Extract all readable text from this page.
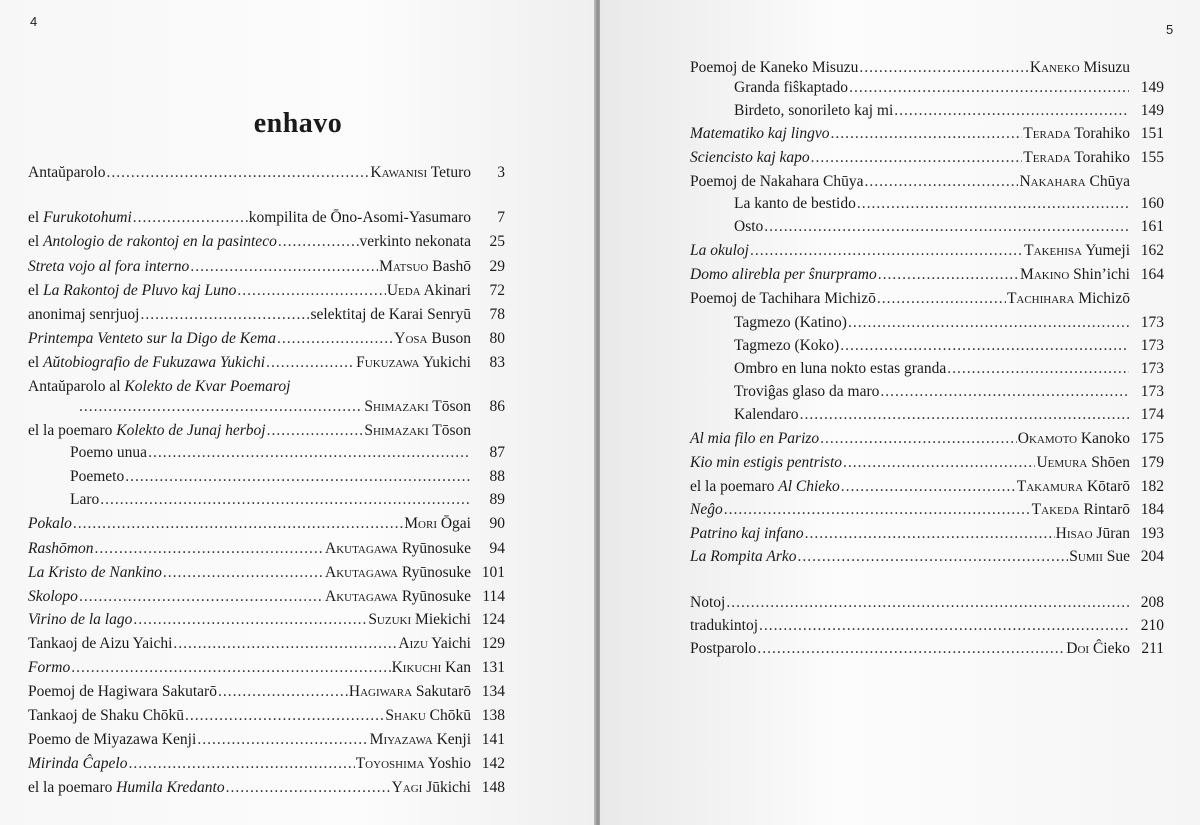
4
enhavo
Antaŭparolo .....	Kawanisi Teturo	3
el Furukotohumi .....	kompilita de Ōno-Asomi-Yasumaro	7
el Antologio de rakontoj en la pasinteco .....	verkinto nekonata	25
Streta vojo al fora interno .....	Matsuo Bashō	29
el La Rakontoj de Pluvo kaj Luno .....	Ueda Akinari	72
anonimaj senrjuoj .....	selektitaj de Karai Senryū	78
Printempa Venteto sur la Digo de Kema .....	Yosa Buson	80
el Aŭtobiografio de Fukuzawa Yukichi .....	Fukuzawa Yukichi	83
Antaŭparolo al Kolekto de Kvar Poemaroj
.....
Shimazaki Tōson	86
el la poemaro Kolekto de Junaj herboj .....	Shimazaki Tōson
Poemo unua .....	87
Poemeto .....	88
Laro .....	89
Pokalo .....	Mori Ōgai	90
Rashōmon .....	Akutagawa Ryūnosuke	94
La Kristo de Nankino .....	Akutagawa Ryūnosuke 101
Skolopo .....	Akutagawa Ryūnosuke 114
Virino de la lago .....	Suzuki Miekichi 124
Tankaoj de Aizu Yaichi .....	Aizu Yaichi 129
Formo .....	Kikuchi Kan 131
Poemoj de Hagiwara Sakutarō .....	Hagiwara Sakutarō 134
Tankaoj de Shaku Chōkū .....	Shaku Chōkū 138
Poemo de Miyazawa Kenji .....	Miyazawa Kenji 141
Mirinda Ĉapelo .....	Toyoshima Yoshio 142
el la poemaro Humila Kredanto .....	Yagi Jūkichi 148
5
Poemoj de Kaneko Misuzu .....	Kaneko Misuzu
Granda fiŝkaptado .....	149
Birdeto, sonorileto kaj mi .....	149
Matematiko kaj lingvo .....	Terada Torahiko 151
Sciencisto kaj kapo .....	Terada Torahiko 155
Poemoj de Nakahara Chūya .....	Nakahara Chūya
La kanto de bestido .....	160
Osto .....	161
La okuloj .....	Takehisa Yumeji 162
Domo alirebla per ŝnurpramo .....	Makino Shin’ichi 164
Poemoj de Tachihara Michizō .....	Tachihara Michizō
Tagmezo (Katino) .....	173
Tagmezo (Koko) .....	173
Ombro en luna nokto estas granda .....	173
Troviĝas glaso da maro .....	173
Kalendaro .....	174
Al mia filo en Parizo .....	Okamoto Kanoko 175
Kio min estigis pentristo .....	Uemura Shōen 179
el la poemaro Al Chieko .....	Takamura Kōtarō 182
Neĝo .....	Takeda Rintarō 184
Patrino kaj infano .....	Hisao Jūran 193
La Rompita Arko .....	Sumii Sue 204
Notoj .....	208
tradukintoj .....	210
Postparolo .....	Doi Ĉieko 211
